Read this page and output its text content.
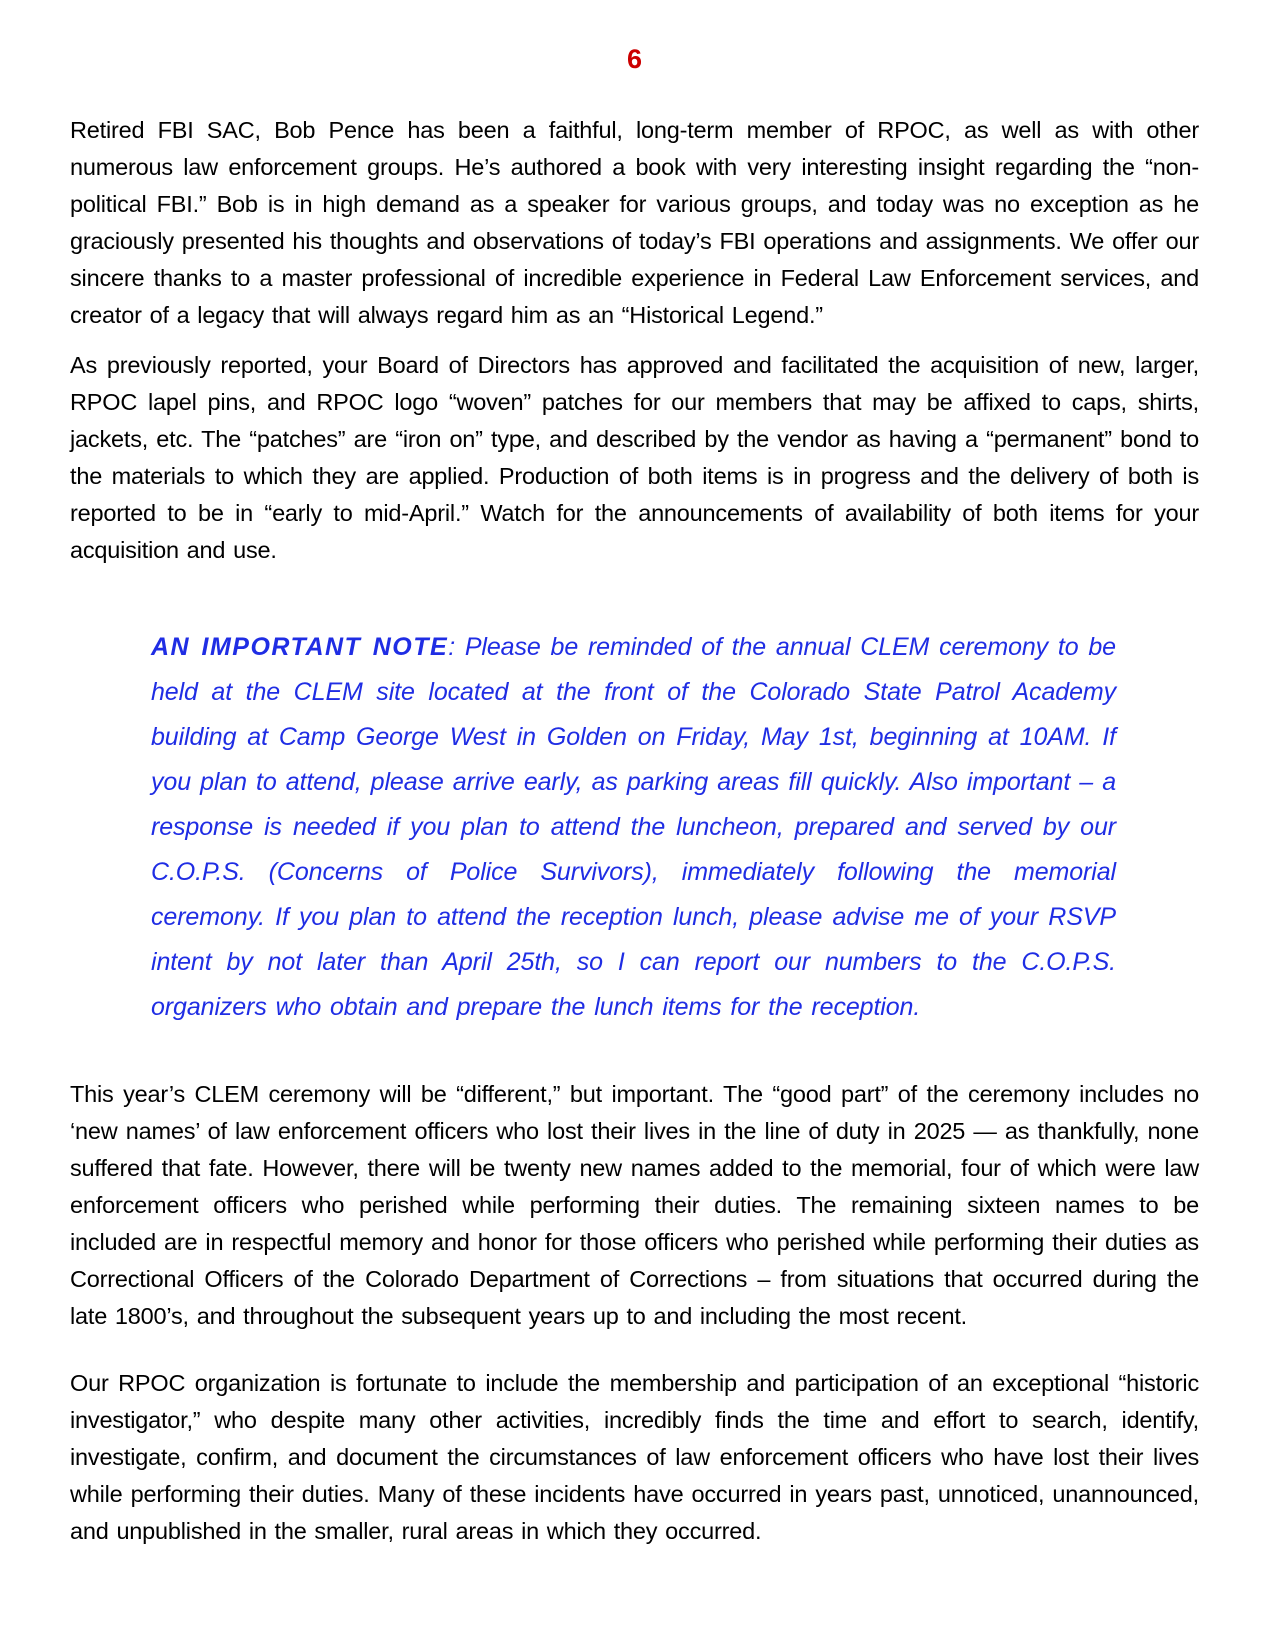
6

Retired FBI SAC, Bob Pence has been a faithful, long-term member of RPOC, as well as with other numerous law enforcement groups. He’s authored a book with very interesting insight regarding the “non-political FBI.” Bob is in high demand as a speaker for various groups, and today was no exception as he graciously presented his thoughts and observations of today’s FBI operations and assignments. We offer our sincere thanks to a master professional of incredible experience in Federal Law Enforcement services, and creator of a legacy that will always regard him as an “Historical Legend.”

As previously reported, your Board of Directors has approved and facilitated the acquisition of new, larger, RPOC lapel pins, and RPOC logo “woven” patches for our members that may be affixed to caps, shirts, jackets, etc. The “patches” are “iron on” type, and described by the vendor as having a “permanent” bond to the materials to which they are applied. Production of both items is in progress and the delivery of both is reported to be in “early to mid-April.” Watch for the announcements of availability of both items for your acquisition and use.

AN IMPORTANT NOTE: Please be reminded of the annual CLEM ceremony to be held at the CLEM site located at the front of the Colorado State Patrol Academy building at Camp George West in Golden on Friday, May 1st, beginning at 10AM. If you plan to attend, please arrive early, as parking areas fill quickly. Also important – a response is needed if you plan to attend the luncheon, prepared and served by our C.O.P.S. (Concerns of Police Survivors), immediately following the memorial ceremony. If you plan to attend the reception lunch, please advise me of your RSVP intent by not later than April 25th, so I can report our numbers to the C.O.P.S. organizers who obtain and prepare the lunch items for the reception.

This year’s CLEM ceremony will be “different,” but important. The “good part” of the ceremony includes no ‘new names’ of law enforcement officers who lost their lives in the line of duty in 2025 — as thankfully, none suffered that fate. However, there will be twenty new names added to the memorial, four of which were law enforcement officers who perished while performing their duties. The remaining sixteen names to be included are in respectful memory and honor for those officers who perished while performing their duties as Correctional Officers of the Colorado Department of Corrections – from situations that occurred during the late 1800’s, and throughout the subsequent years up to and including the most recent.

Our RPOC organization is fortunate to include the membership and participation of an exceptional “historic investigator,” who despite many other activities, incredibly finds the time and effort to search, identify, investigate, confirm, and document the circumstances of law enforcement officers who have lost their lives while performing their duties. Many of these incidents have occurred in years past, unnoticed, unannounced, and unpublished in the smaller, rural areas in which they occurred.
